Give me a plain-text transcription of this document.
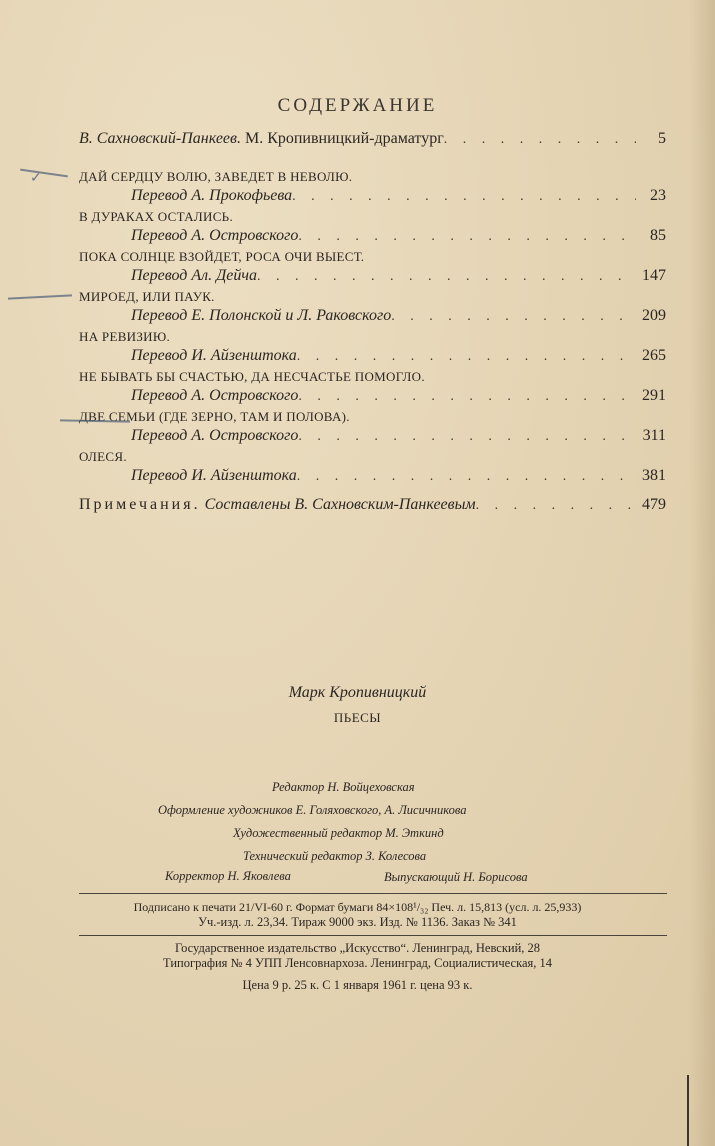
СОДЕРЖАНИЕ
В. Сахновский-Панкеев.
М. Кропивницкий-драматург . . .	5
ДАЙ СЕРДЦУ ВОЛЮ, ЗАВЕДЕТ В НЕВОЛЮ.
Перевод А. Прокофьева . . .	23
В ДУРАКАХ ОСТАЛИСЬ.
Перевод А. Островского . . .	85
ПОКА СОЛНЦЕ ВЗОЙДЕТ, РОСА ОЧИ ВЫЕСТ.
Перевод Ал. Дейча . . .	147
МИРОЕД, ИЛИ ПАУК.
Перевод Е. Полонской и Л. Раковского . . .	209
НА РЕВИЗИЮ.
Перевод И. Айзенштока . . .	265
НЕ БЫВАТЬ БЫ СЧАСТЬЮ, ДА НЕСЧАСТЬЕ ПОМОГЛО.
Перевод А. Островского . . .	291
ДВЕ СЕМЬИ (ГДЕ ЗЕРНО, ТАМ И ПОЛОВА).
Перевод А. Островского . . .	311
ОЛЕСЯ.
Перевод И. Айзенштока . . .	381
Примечания.
Составлены В. Сахновским-Панкеевым . . .	479
✓
Марк Кропивницкий
ПЬЕСЫ
Редактор Н. Войцеховская
Оформление художников Е. Голяховского, А. Лисичникова
Художественный редактор М. Эткинд
Технический редактор З. Колесова
Корректор Н. Яковлева	Выпускающий Н. Борисова
Подписано к печати 21/VI-60 г. Формат бумаги 84×108¹/₃₂ Печ. л. 15,813 (усл. л. 25,933)
Уч.-изд. л. 23,34. Тираж 9000 экз. Изд. № 1136. Заказ № 341
Государственное издательство „Искусство“. Ленинград, Невский, 28
Типография № 4 УПП Ленсовнархоза. Ленинград, Социалистическая, 14
Цена 9 р. 25 к. С 1 января 1961 г. цена 93 к.
